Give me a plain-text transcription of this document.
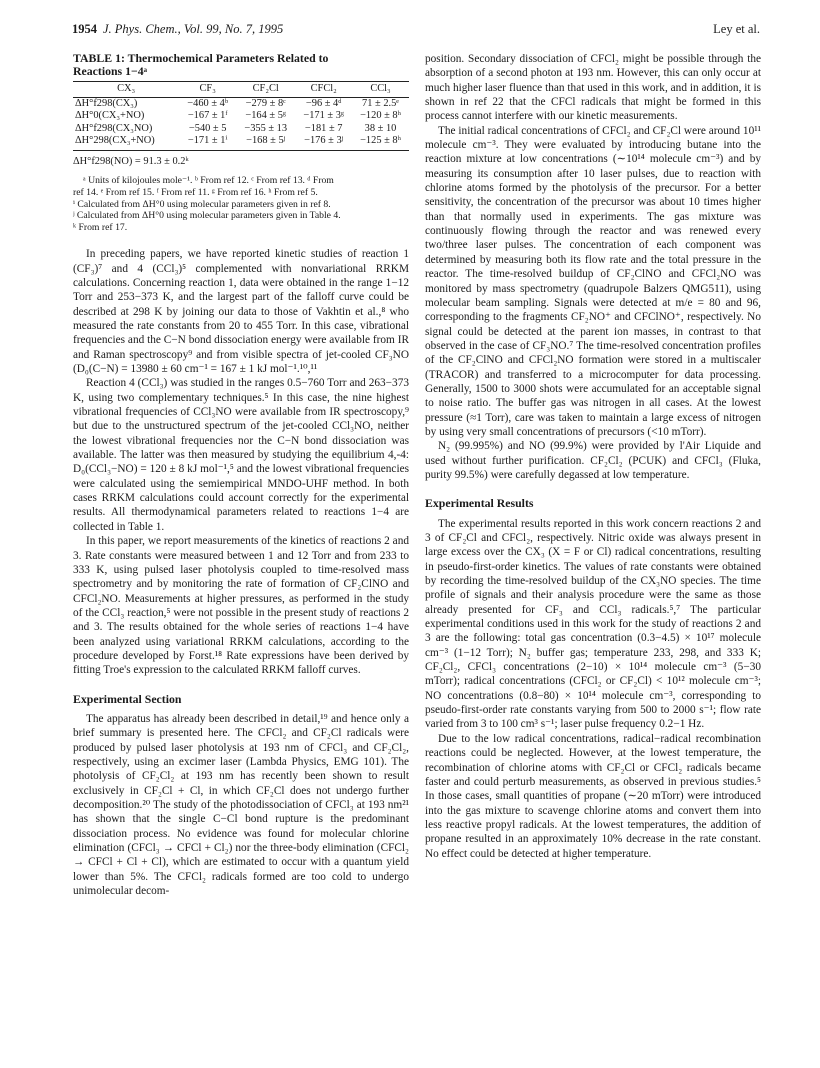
1954 J. Phys. Chem., Vol. 99, No. 7, 1995	Ley et al.
TABLE 1: Thermochemical Parameters Related to
Reactions 1−4ᵃ
CX₃	CF₃	CF₂Cl	CFCl₂	CCl₃
ΔH°f298(CX₃)	−460 ± 4ᵇ	−279 ± 8ᶜ	−96 ± 4ᵈ	71 ± 2.5ᵉ
ΔH°0(CX₃+NO)	−167 ± 1ᶠ	−164 ± 5ᵍ	−171 ± 3ᵍ	−120 ± 8ʰ
ΔH°f298(CX₃NO)	−540 ± 5	−355 ± 13	−181 ± 7	38 ± 10
ΔH°298(CX₃+NO)	−171 ± 1ⁱ	−168 ± 5ʲ	−176 ± 3ʲ	−125 ± 8ʰ
ΔH°f298(NO) = 91.3 ± 0.2ᵏ

ᵃ Units of kilojoules mole⁻¹. ᵇ From ref 12. ᶜ From ref 13. ᵈ From

ref 14. ᵉ From ref 15. ᶠ From ref 11. ᵍ From ref 16. ʰ From ref 5.

ⁱ Calculated from ΔH°0 using molecular parameters given in ref 8.

ʲ Calculated from ΔH°0 using molecular parameters given in Table 4.

ᵏ From ref 17.

In preceding papers, we have reported kinetic studies of reaction 1 (CF₃)⁷ and 4 (CCl₃)⁵ complemented with nonvariational RRKM calculations. Concerning reaction 1, data were obtained in the range 1−12 Torr and 253−373 K, and the largest part of the falloff curve could be described at 298 K by joining our data to those of Vakhtin et al.,⁸ who measured the rate constants from 20 to 455 Torr. In this case, vibrational frequencies and the C−N bond dissociation energy were available from IR and Raman spectroscopy⁹ and from visible spectra of jet-cooled CF₃NO (D₀(C−N) = 13980 ± 60 cm⁻¹ = 167 ± 1 kJ mol⁻¹.¹⁰,¹¹

Reaction 4 (CCl₃) was studied in the ranges 0.5−760 Torr and 263−373 K, using two complementary techniques.⁵ In this case, the nine highest vibrational frequencies of CCl₃NO were available from IR spectroscopy,⁹ but due to the unstructured spectrum of the jet-cooled CCl₃NO, neither the lowest vibrational frequencies nor the C−N bond dissociation was available. The latter was then measured by studying the equilibrium 4,-4: D₀(CCl₃−NO) = 120 ± 8 kJ mol⁻¹,⁵ and the lowest vibrational frequencies were calculated using the semiempirical MNDO-UHF method. In both cases RRKM calculations could account correctly for the experimental results. All thermodynamical parameters related to reactions 1−4 are collected in Table 1.

In this paper, we report measurements of the kinetics of reactions 2 and 3. Rate constants were measured between 1 and 12 Torr and from 233 to 333 K, using pulsed laser photolysis coupled to time-resolved mass spectrometry and by monitoring the rate of formation of CF₂ClNO and CFCl₂NO. Measurements at higher pressures, as performed in the study of the CCl₃ reaction,⁵ were not possible in the present study of reactions 2 and 3. The results obtained for the whole series of reactions 1−4 have been analyzed using variational RRKM calculations, according to the procedure developed by Forst.¹⁸ Rate expressions have been derived by fitting Troe's expression to the calculated RRKM falloff curves.

Experimental Section

The apparatus has already been described in detail,¹⁹ and hence only a brief summary is presented here. The CFCl₂ and CF₂Cl radicals were produced by pulsed laser photolysis at 193 nm of CFCl₃ and CF₂Cl₂, respectively, using an excimer laser (Lambda Physics, EMG 101). The photolysis of CF₂Cl₂ at 193 nm has recently been shown to result exclusively in CF₂Cl + Cl, in which CF₂Cl does not undergo further decomposition.²⁰ The study of the photodissociation of CFCl₃ at 193 nm²¹ has shown that the single C−Cl bond rupture is the predominant dissociation process. No evidence was found for molecular chlorine elimination (CFCl₃ → CFCl + Cl₂) nor the three-body elimination (CFCl₂ → CFCl + Cl + Cl), which are estimated to occur with a quantum yield lower than 5%. The CFCl₂ radicals formed are too cold to undergo unimolecular decom-

position. Secondary dissociation of CFCl₂ might be possible through the absorption of a second photon at 193 nm. However, this can only occur at much higher laser fluence than that used in this work, and in addition, it is shown in ref 22 that the CFCl radicals that might be formed in this process cannot interfere with our kinetic measurements.

The initial radical concentrations of CFCl₂ and CF₂Cl were around 10¹¹ molecule cm⁻³. They were evaluated by introducing butane into the reaction mixture at low concentrations (∼10¹⁴ molecule cm⁻³) and by measuring its consumption after 10 laser pulses, due to reaction with chlorine atoms formed by the photolysis of the precursor. For a better sensitivity, the concentration of the precursor was about 10 times higher than that normally used in experiments. The gas mixture was continuously flowing through the reactor and was renewed every two/three laser pulses. The concentration of each component was determined by measuring both its flow rate and the total pressure in the reactor. The time-resolved buildup of CF₂ClNO and CFCl₂NO was monitored by mass spectrometry (quadrupole Balzers QMG511), using molecular beam sampling. Signals were detected at m/e = 80 and 96, corresponding to the fragments CF₂NO⁺ and CFClNO⁺, respectively. No signal could be detected at the parent ion masses, in contrast to that observed in the case of CF₃NO.⁷ The time-resolved concentration profiles of the CF₂ClNO and CFCl₂NO formation were stored in a multiscaler (TRACOR) and transferred to a microcomputer for data processing. Generally, 1500 to 3000 shots were accumulated for an acceptable signal to noise ratio. The buffer gas was nitrogen in all cases. At the lowest pressure (≈1 Torr), care was taken to maintain a large excess of nitrogen by using very small concentrations of precursors (<10 mTorr).

N₂ (99.995%) and NO (99.9%) were provided by l'Air Liquide and used without further purification. CF₂Cl₂ (PCUK) and CFCl₃ (Fluka, purity 99.5%) were carefully degassed at low temperature.

Experimental Results

The experimental results reported in this work concern reactions 2 and 3 of CF₂Cl and CFCl₂, respectively. Nitric oxide was always present in large excess over the CX₃ (X = F or Cl) radical concentrations, resulting in pseudo-first-order kinetics. The values of rate constants were obtained by recording the time-resolved buildup of the CX₃NO species. The time profile of signals and their analysis procedure were the same as those already presented for CF₃ and CCl₃ radicals.⁵,⁷ The particular experimental conditions used in this work for the study of reactions 2 and 3 are the following: total gas concentration (0.3−4.5) × 10¹⁷ molecule cm⁻³ (1−12 Torr); N₂ buffer gas; temperature 233, 298, and 333 K; CF₂Cl₂, CFCl₃ concentrations (2−10) × 10¹⁴ molecule cm⁻³ (5−30 mTorr); radical concentrations (CFCl₂ or CF₂Cl) < 10¹² molecule cm⁻³; NO concentrations (0.8−80) × 10¹⁴ molecule cm⁻³, corresponding to pseudo-first-order rate constants varying from 500 to 2000 s⁻¹; flow rate varied from 3 to 100 cm³ s⁻¹; laser pulse frequency 0.2−1 Hz.

Due to the low radical concentrations, radical−radical recombination reactions could be neglected. However, at the lowest temperature, the recombination of chlorine atoms with CF₂Cl or CFCl₂ radicals became faster and could perturb measurements, as observed in previous studies.⁵ In those cases, small quantities of propane (∼20 mTorr) were introduced into the gas mixture to scavenge chlorine atoms and convert them into less reactive propyl radicals. At the lowest temperatures, the addition of propane resulted in an approximately 10% decrease in the rate constant. No effect could be detected at higher temperature.
